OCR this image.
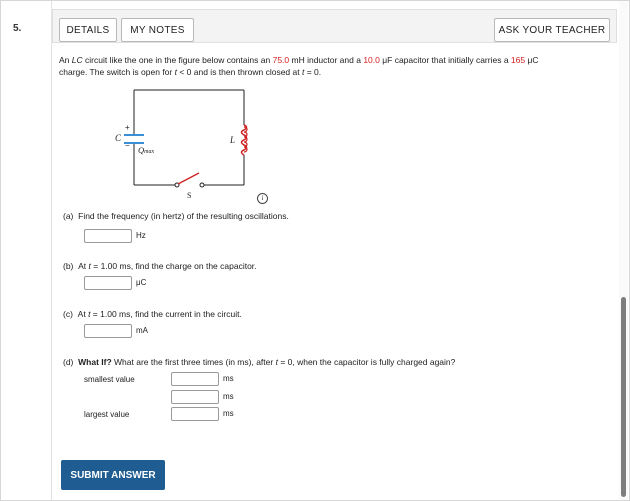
5.	DETAILS	MY NOTES	ASK YOUR TEACHER
An LC circuit like the one in the figure below contains an 75.0 mH inductor and a 10.0 μF capacitor that initially carries a 165 μC
charge. The switch is open for t < 0 and is then thrown closed at t = 0.
C
+
− Qmax
L
S	i
(a) Find the frequency (in hertz) of the resulting oscillations.
Hz
(b) At t = 1.00 ms, find the charge on the capacitor.
μC
(c) At t = 1.00 ms, find the current in the circuit.
mA
(d) What If? What are the first three times (in ms), after t = 0, when the capacitor is fully charged again?
smallest value	ms
ms
largest value	ms
SUBMIT ANSWER
